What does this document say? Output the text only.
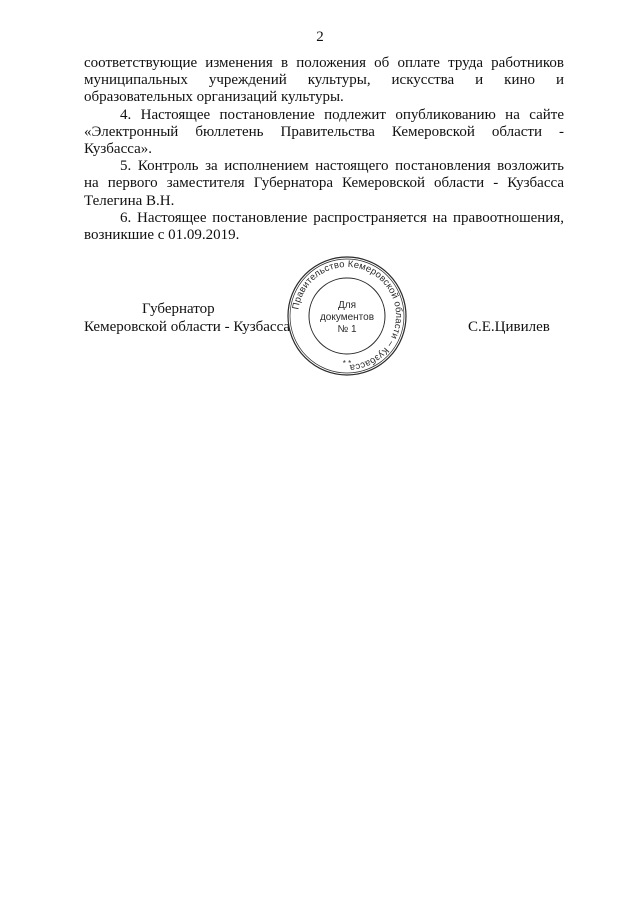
2

соответствующие изменения в положения об оплате труда работников муниципальных учреждений культуры, искусства и кино и образовательных организаций культуры.

4. Настоящее постановление подлежит опубликованию на сайте «Электронный бюллетень Правительства Кемеровской области - Кузбасса».

5. Контроль за исполнением настоящего постановления возложить на первого заместителя Губернатора Кемеровской области - Кузбасса Телегина В.Н.

6. Настоящее постановление распространяется на правоотношения, возникшие с 01.09.2019.

Губернатор
Кемеровской области - Кузбасса	С.Е.Цивилев
Правительство Кемеровской области – Кузбасса
Для
документов
№ 1
* *
